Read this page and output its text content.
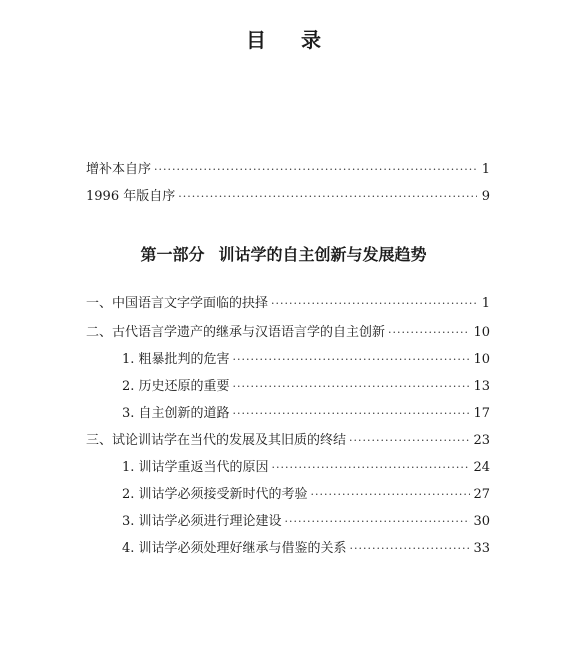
目 录
增补本自序 ·····	1
1996 年版自序 ·····	9
第一部分 训诂学的自主创新与发展趋势
一、中国语言文字学面临的抉择 ·····	1
二、古代语言学遗产的继承与汉语语言学的自主创新 ·····	10
1. 粗暴批判的危害 ·····	10
2. 历史还原的重要 ·····	13
3. 自主创新的道路 ·····	17
三、试论训诂学在当代的发展及其旧质的终结 ·····	23
1. 训诂学重返当代的原因 ·····	24
2. 训诂学必须接受新时代的考验 ·····	27
3. 训诂学必须进行理论建设 ·····	30
4. 训诂学必须处理好继承与借鉴的关系 ·····	33
